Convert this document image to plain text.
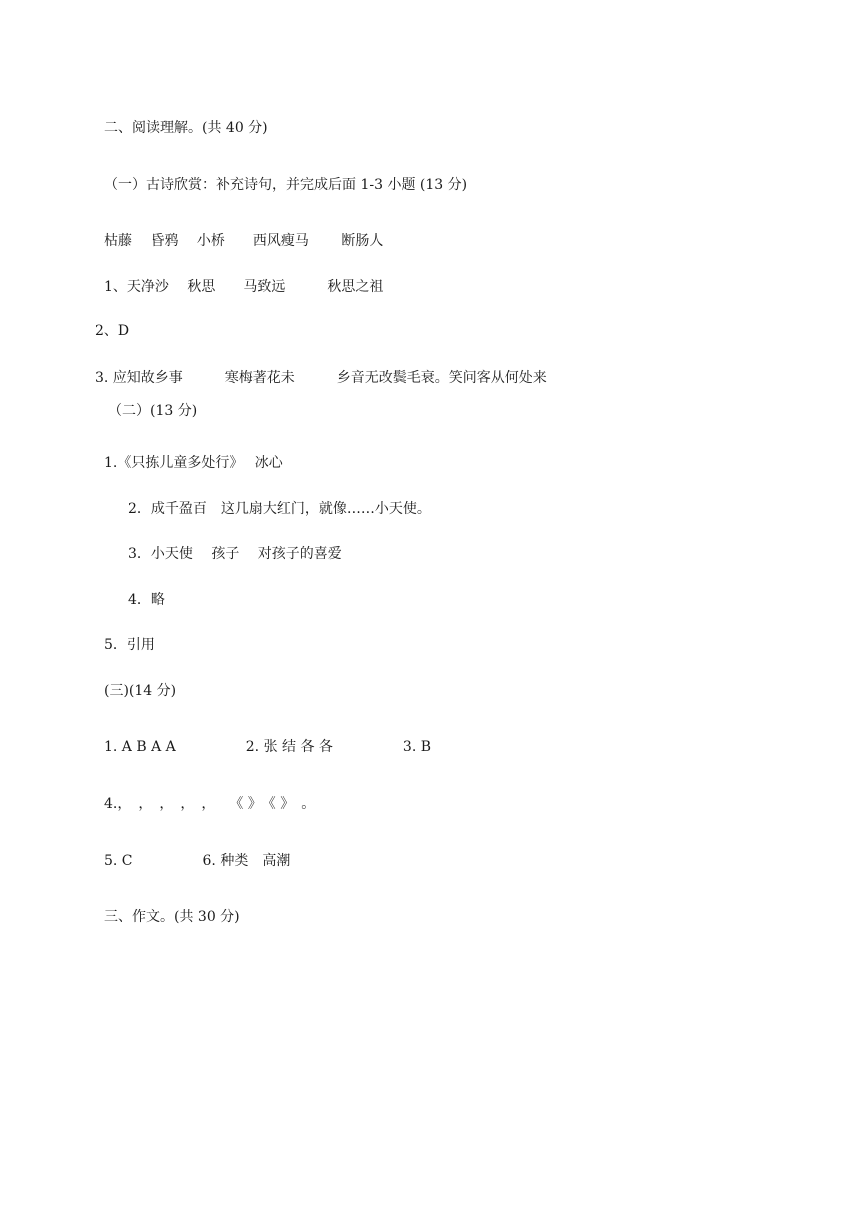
二、阅读理解。(共 40 分)

（一）古诗欣赏：补充诗句，并完成后面 1-3 小题 (13 分)

枯藤　 昏鸦　 小桥　　西风瘦马　　 断肠人

1、天净沙　 秋思　　马致远　　　秋思之祖

2、D

3. 应知故乡事　　　寒梅著花未　　　乡音无改鬓毛衰。笑问客从何处来

（二）(13 分)

1.《只拣儿童多处行》　 冰心

2．成千盈百　这几扇大红门，就像……小天使。

3．小天使　 孩子　 对孩子的喜爱

4．略

5．引用

(三)(14 分)

1. A B A A　　　　　2. 张 结 各 各　　　　　3. B

4.，　，　，　，　，　　《 》　《 》　。

5. C　　　　　6. 种类　高潮

三、作文。(共 30 分)
